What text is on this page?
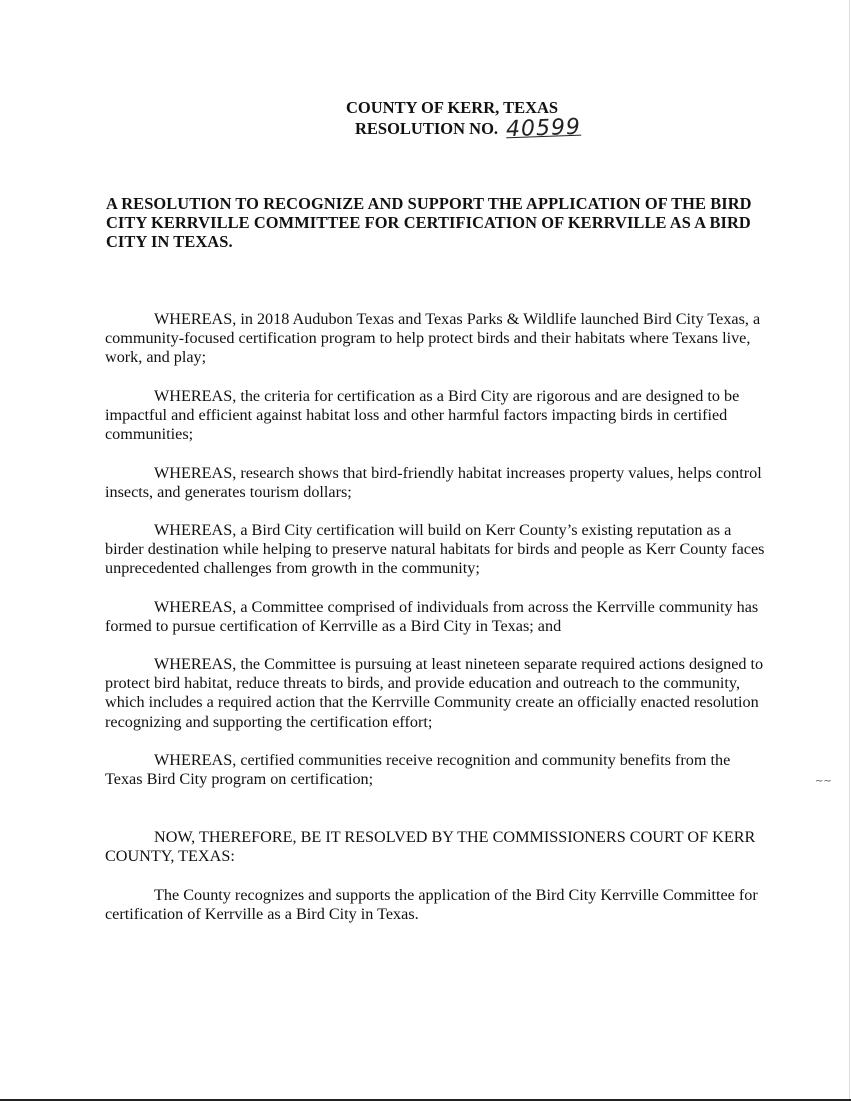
COUNTY OF KERR, TEXAS
RESOLUTION NO. 40599
A RESOLUTION TO RECOGNIZE AND SUPPORT THE APPLICATION OF THE BIRD CITY KERRVILLE COMMITTEE FOR CERTIFICATION OF KERRVILLE AS A BIRD CITY IN TEXAS.
WHEREAS, in 2018 Audubon Texas and Texas Parks & Wildlife launched Bird City Texas, a community-focused certification program to help protect birds and their habitats where Texans live, work, and play;
WHEREAS, the criteria for certification as a Bird City are rigorous and are designed to be impactful and efficient against habitat loss and other harmful factors impacting birds in certified communities;
WHEREAS, research shows that bird-friendly habitat increases property values, helps control insects, and generates tourism dollars;
WHEREAS, a Bird City certification will build on Kerr County’s existing reputation as a birder destination while helping to preserve natural habitats for birds and people as Kerr County faces unprecedented challenges from growth in the community;
WHEREAS, a Committee comprised of individuals from across the Kerrville community has formed to pursue certification of Kerrville as a Bird City in Texas; and
WHEREAS, the Committee is pursuing at least nineteen separate required actions designed to protect bird habitat, reduce threats to birds, and provide education and outreach to the community, which includes a required action that the Kerrville Community create an officially enacted resolution recognizing and supporting the certification effort;
WHEREAS, certified communities receive recognition and community benefits from the Texas Bird City program on certification;
NOW, THEREFORE, BE IT RESOLVED BY THE COMMISSIONERS COURT OF KERR COUNTY, TEXAS:
The County recognizes and supports the application of the Bird City Kerrville Committee for certification of Kerrville as a Bird City in Texas.
~~
